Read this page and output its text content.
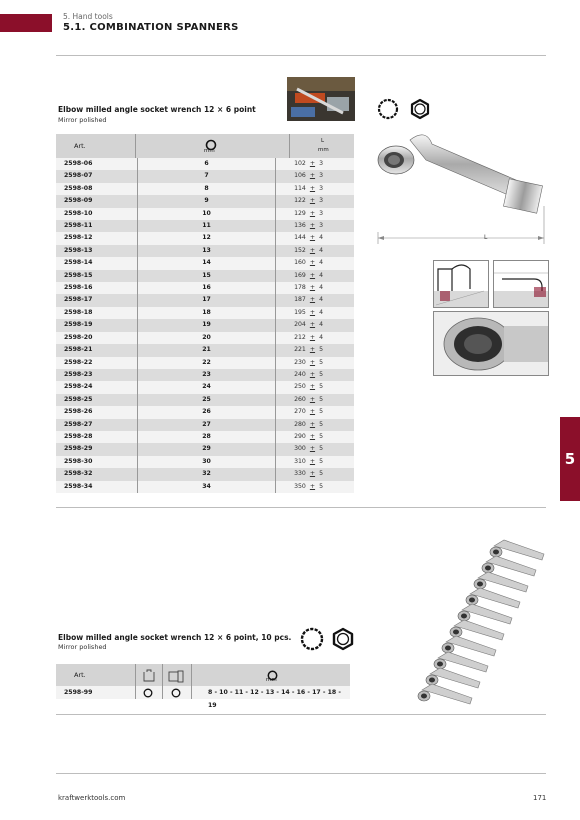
5. Hand tools
5.1. COMBINATION SPANNERS
Elbow milled angle socket wrench 12 × 6 point
Mirror polished
Art.
mm
L
mm
2598-06	6	102 + 3
2598-07	7	106 + 3
2598-08	8	114 + 3
2598-09	9	122 + 3
2598-10	10	129 + 3
2598-11	11	136 + 3
2598-12	12	144 + 4
2598-13	13	152 + 4
2598-14	14	160 + 4
2598-15	15	169 + 4
2598-16	16	178 + 4
2598-17	17	187 + 4
2598-18	18	195 + 4
2598-19	19	204 + 4
2598-20	20	212 + 4
2598-21	21	221 + 5
2598-22	22	230 + 5
2598-23	23	240 + 5
2598-24	24	250 + 5
2598-25	25	260 + 5
2598-26	26	270 + 5
2598-27	27	280 + 5
2598-28	28	290 + 5
2598-29	29	300 + 5
2598-30	30	310 + 5
2598-32	32	330 + 5
2598-34	34	350 + 5
L
5
Elbow milled angle socket wrench 12 × 6 point, 10 pcs.
Mirror polished
Art.
mm
2598-99	8 - 10 - 11 - 12 - 13 - 14 - 16 - 17 - 18 - 19
kraftwerktools.com	171
